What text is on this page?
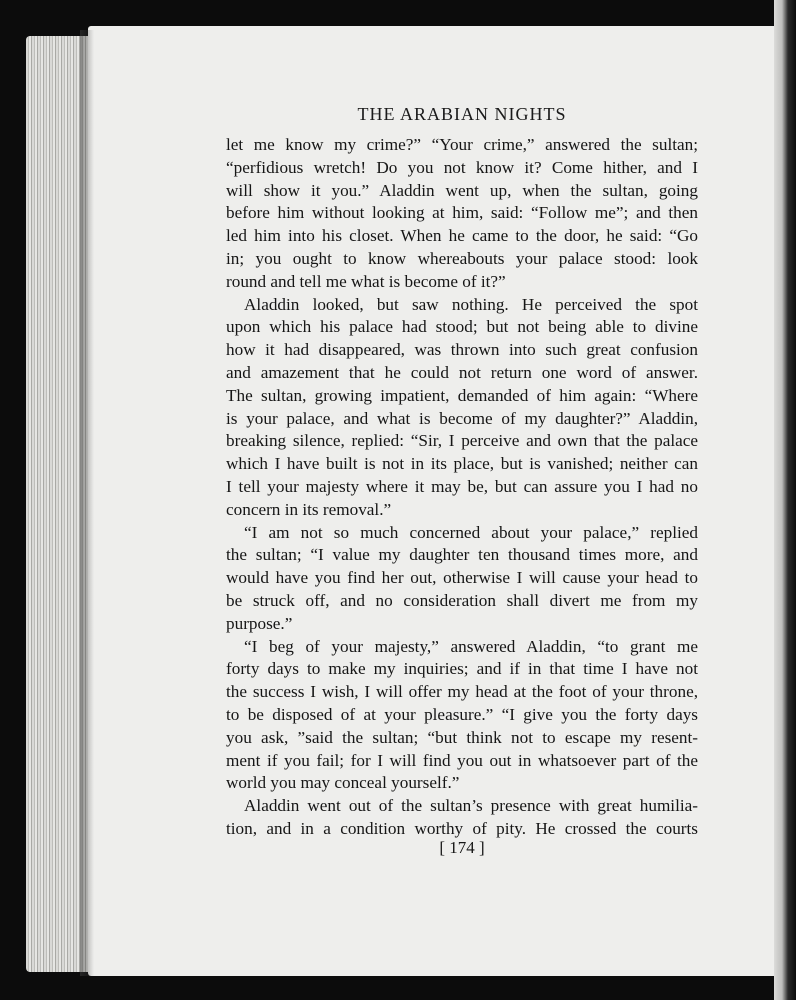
THE ARABIAN NIGHTS
let me know my crime?” “Your crime,” answered the sultan;
“perfidious wretch! Do you not know it? Come hither, and I
will show it you.” Aladdin went up, when the sultan, going
before him without looking at him, said: “Follow me”; and then
led him into his closet. When he came to the door, he said: “Go
in; you ought to know whereabouts your palace stood: look
round and tell me what is become of it?”
Aladdin looked, but saw nothing. He perceived the spot
upon which his palace had stood; but not being able to divine
how it had disappeared, was thrown into such great confusion
and amazement that he could not return one word of answer.
The sultan, growing impatient, demanded of him again: “Where
is your palace, and what is become of my daughter?” Aladdin,
breaking silence, replied: “Sir, I perceive and own that the palace
which I have built is not in its place, but is vanished; neither can
I tell your majesty where it may be, but can assure you I had no
concern in its removal.”
“I am not so much concerned about your palace,” replied
the sultan; “I value my daughter ten thousand times more, and
would have you find her out, otherwise I will cause your head to
be struck off, and no consideration shall divert me from my
purpose.”
“I beg of your majesty,” answered Aladdin, “to grant me
forty days to make my inquiries; and if in that time I have not
the success I wish, I will offer my head at the foot of your throne,
to be disposed of at your pleasure.” “I give you the forty days
you ask, ”said the sultan; “but think not to escape my resent-
ment if you fail; for I will find you out in whatsoever part of the
world you may conceal yourself.”
Aladdin went out of the sultan’s presence with great humilia-
tion, and in a condition worthy of pity. He crossed the courts
[ 174 ]
